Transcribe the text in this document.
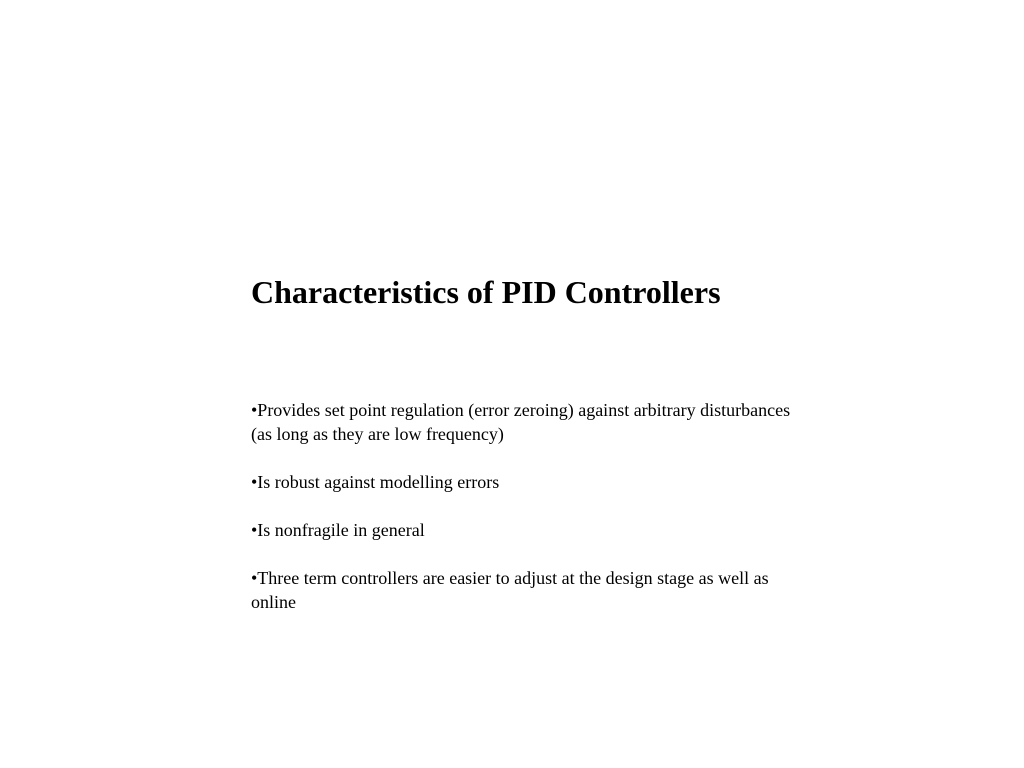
Characteristics of PID Controllers
•Provides set point regulation (error zeroing) against arbitrary disturbances (as long as they are low frequency)
•Is robust against modelling errors
•Is nonfragile in general
•Three term controllers are easier to adjust at the design stage as well as online
